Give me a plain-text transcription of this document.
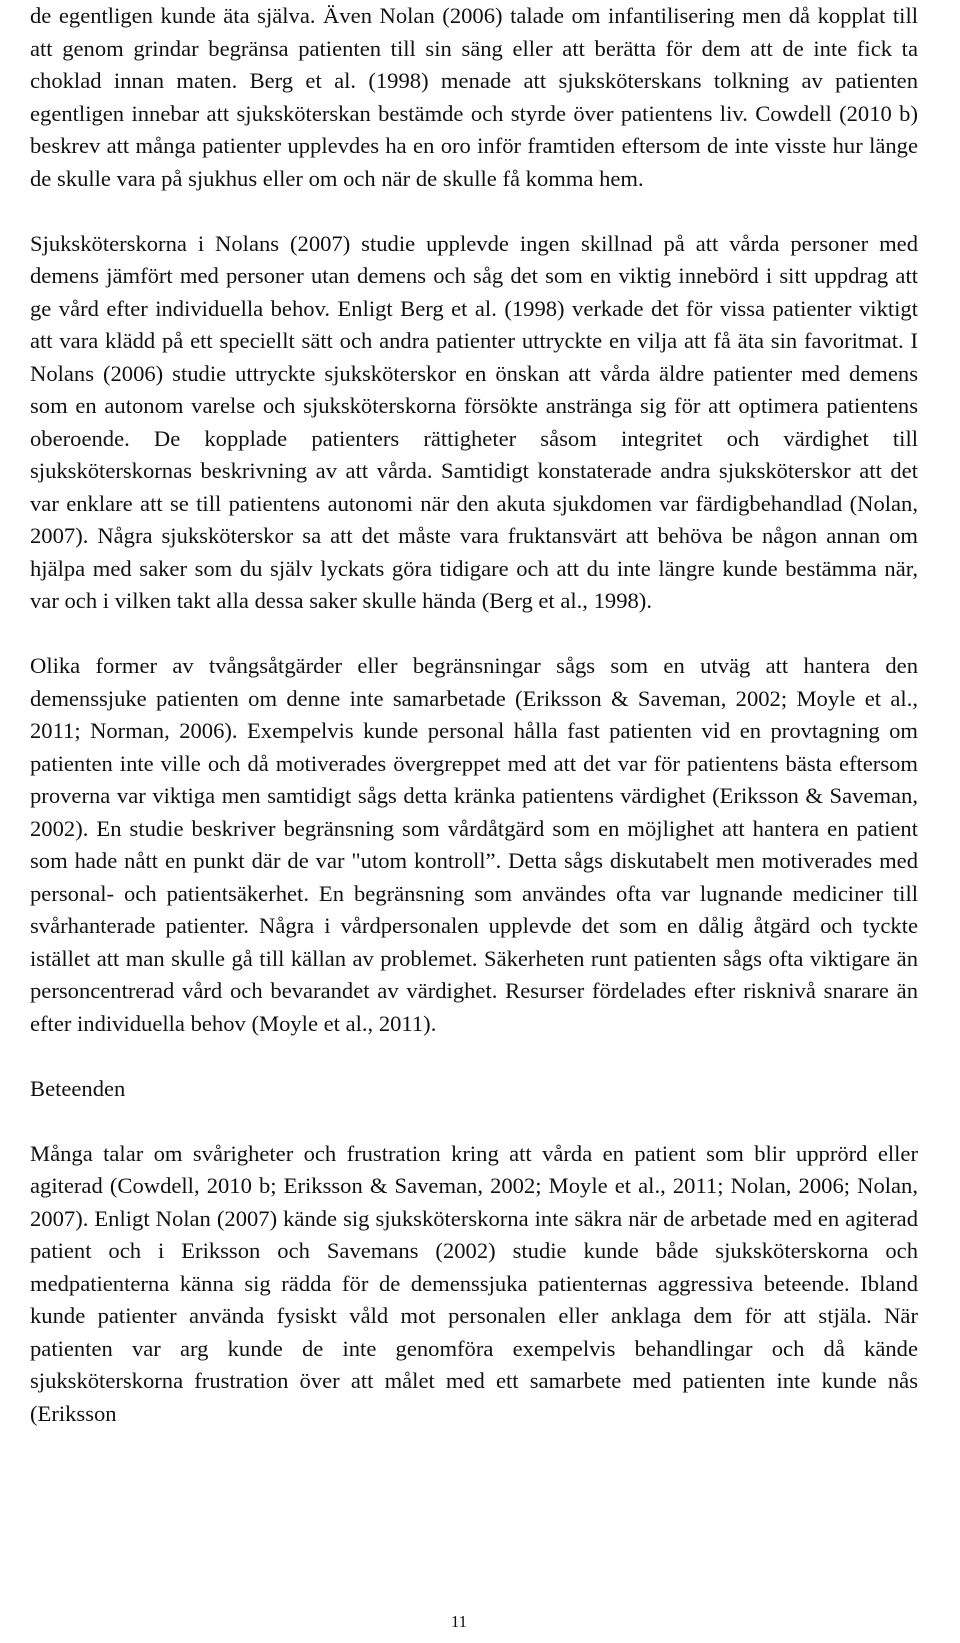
de egentligen kunde äta själva. Även Nolan (2006) talade om infantilisering men då kopplat till att genom grindar begränsa patienten till sin säng eller att berätta för dem att de inte fick ta choklad innan maten. Berg et al. (1998) menade att sjuksköterskans tolkning av patienten egentligen innebar att sjuksköterskan bestämde och styrde över patientens liv. Cowdell (2010 b) beskrev att många patienter upplevdes ha en oro inför framtiden eftersom de inte visste hur länge de skulle vara på sjukhus eller om och när de skulle få komma hem.

Sjuksköterskorna i Nolans (2007) studie upplevde ingen skillnad på att vårda personer med demens jämfört med personer utan demens och såg det som en viktig innebörd i sitt uppdrag att ge vård efter individuella behov. Enligt Berg et al. (1998) verkade det för vissa patienter viktigt att vara klädd på ett speciellt sätt och andra patienter uttryckte en vilja att få äta sin favoritmat. I Nolans (2006) studie uttryckte sjuksköterskor en önskan att vårda äldre patienter med demens som en autonom varelse och sjuksköterskorna försökte anstränga sig för att optimera patientens oberoende. De kopplade patienters rättigheter såsom integritet och värdighet till sjuksköterskornas beskrivning av att vårda. Samtidigt konstaterade andra sjuksköterskor att det var enklare att se till patientens autonomi när den akuta sjukdomen var färdigbehandlad (Nolan, 2007). Några sjuksköterskor sa att det måste vara fruktansvärt att behöva be någon annan om hjälpa med saker som du själv lyckats göra tidigare och att du inte längre kunde bestämma när, var och i vilken takt alla dessa saker skulle hända (Berg et al., 1998).

Olika former av tvångsåtgärder eller begränsningar sågs som en utväg att hantera den demenssjuke patienten om denne inte samarbetade (Eriksson & Saveman, 2002; Moyle et al., 2011; Norman, 2006). Exempelvis kunde personal hålla fast patienten vid en provtagning om patienten inte ville och då motiverades övergreppet med att det var för patientens bästa eftersom proverna var viktiga men samtidigt sågs detta kränka patientens värdighet (Eriksson & Saveman, 2002). En studie beskriver begränsning som vårdåtgärd som en möjlighet att hantera en patient som hade nått en punkt där de var "utom kontroll”. Detta sågs diskutabelt men motiverades med personal- och patientsäkerhet. En begränsning som användes ofta var lugnande mediciner till svårhanterade patienter. Några i vårdpersonalen upplevde det som en dålig åtgärd och tyckte istället att man skulle gå till källan av problemet. Säkerheten runt patienten sågs ofta viktigare än personcentrerad vård och bevarandet av värdighet. Resurser fördelades efter risknivå snarare än efter individuella behov (Moyle et al., 2011).

Beteenden

Många talar om svårigheter och frustration kring att vårda en patient som blir upprörd eller agiterad (Cowdell, 2010 b; Eriksson & Saveman, 2002; Moyle et al., 2011; Nolan, 2006; Nolan, 2007). Enligt Nolan (2007) kände sig sjuksköterskorna inte säkra när de arbetade med en agiterad patient och i Eriksson och Savemans (2002) studie kunde både sjuksköterskorna och medpatienterna känna sig rädda för de demenssjuka patienternas aggressiva beteende. Ibland kunde patienter använda fysiskt våld mot personalen eller anklaga dem för att stjäla. När patienten var arg kunde de inte genomföra exempelvis behandlingar och då kände sjuksköterskorna frustration över att målet med ett samarbete med patienten inte kunde nås (Eriksson

11
